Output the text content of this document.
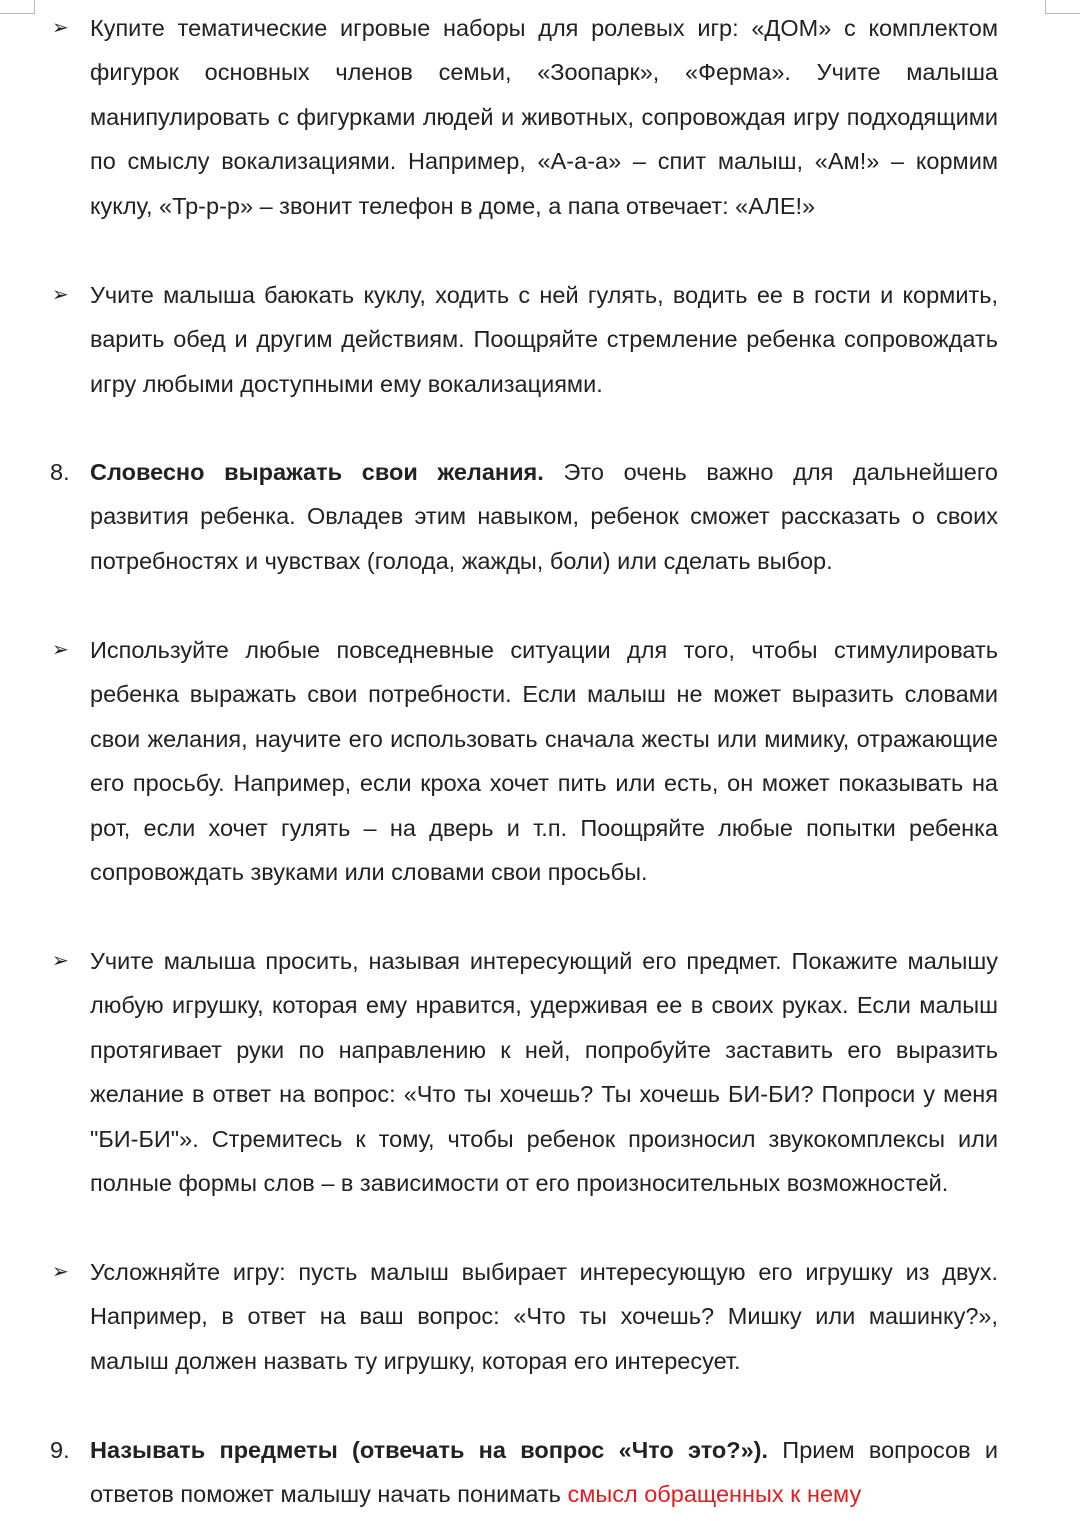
➢ Купите тематические игровые наборы для ролевых игр: «ДОМ» с комплектом фигурок основных членов семьи, «Зоопарк», «Ферма». Учите малыша манипулировать с фигурками людей и животных, сопровождая игру подходящими по смыслу вокализациями. Например, «А-а-а» – спит малыш, «Ам!» – кормим куклу, «Тр-р-р» – звонит телефон в доме, а папа отвечает: «АЛЕ!»
➢ Учите малыша баюкать куклу, ходить с ней гулять, водить ее в гости и кормить, варить обед и другим действиям. Поощряйте стремление ребенка сопровождать игру любыми доступными ему вокализациями.
8. Словесно выражать свои желания. Это очень важно для дальнейшего развития ребенка. Овладев этим навыком, ребенок сможет рассказать о своих потребностях и чувствах (голода, жажды, боли) или сделать выбор.
➢ Используйте любые повседневные ситуации для того, чтобы стимулировать ребенка выражать свои потребности. Если малыш не может выразить словами свои желания, научите его использовать сначала жесты или мимику, отражающие его просьбу. Например, если кроха хочет пить или есть, он может показывать на рот, если хочет гулять – на дверь и т.п. Поощряйте любые попытки ребенка сопровождать звуками или словами свои просьбы.
➢ Учите малыша просить, называя интересующий его предмет. Покажите малышу любую игрушку, которая ему нравится, удерживая ее в своих руках. Если малыш протягивает руки по направлению к ней, попробуйте заставить его выразить желание в ответ на вопрос: «Что ты хочешь? Ты хочешь БИ-БИ? Попроси у меня "БИ-БИ"». Стремитесь к тому, чтобы ребенок произносил звукокомплексы или полные формы слов – в зависимости от его произносительных возможностей.
➢ Усложняйте игру: пусть малыш выбирает интересующую его игрушку из двух. Например, в ответ на ваш вопрос: «Что ты хочешь? Мишку или машинку?», малыш должен назвать ту игрушку, которая его интересует.
9. Называть предметы (отвечать на вопрос «Что это?»). Прием вопросов и ответов поможет малышу начать понимать смысл обращенных к нему
